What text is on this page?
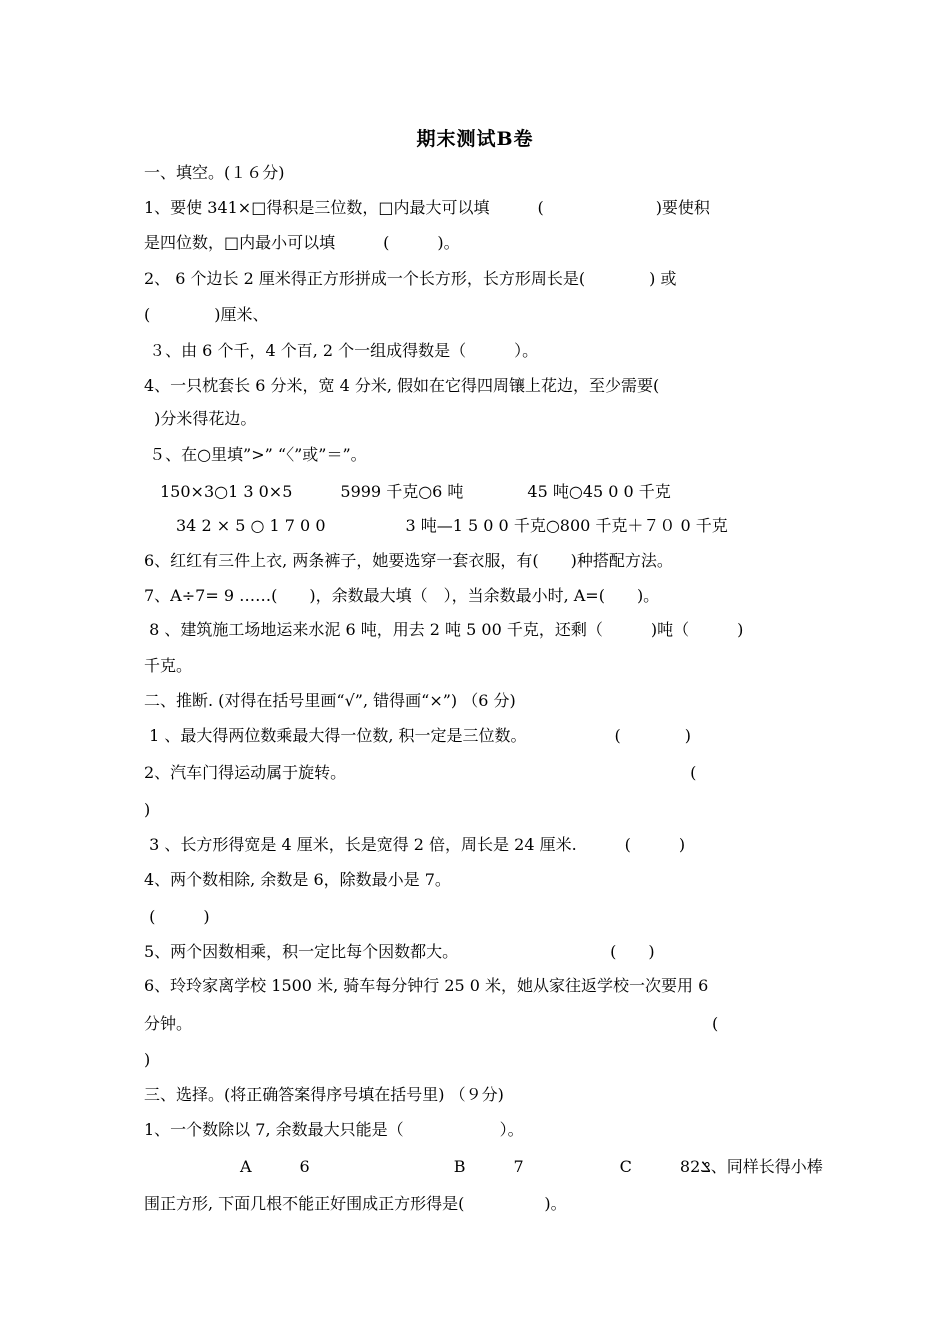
期末测试B卷
一、填空。(１６分)
1、要使 341×□得积是三位数，□内最大可以填　　　(　　　　　　　)要使积
是四位数，□内最小可以填　　　(　　　)。
2、 6 个边长 2 厘米得正方形拼成一个长方形，长方形周长是(　　　　) 或
(　　　　)厘米、
３、由 6 个千，4 个百, 2 个一组成得数是（　　　）。
4、一只枕套长 6 分米，宽 4 分米, 假如在它得四周镶上花边，至少需要(
)分米得花边。
５、在○里填”>” “〈”或”＝”。
　150×3○1 3 0×5　　　5999 千克○6 吨　　　　45 吨○45 0 0 千克
　　34 2 × 5 ○ 1 7 0 0　　　　　3 吨—1 5 0 0 千克○800 千克＋７０ 0 千克
6、红红有三件上衣, 两条裤子，她要选穿一套衣服，有(　　)种搭配方法。
7、A÷7= 9 ……(　　)，余数最大填（　），当余数最小时, A=(　　)。
8 、建筑施工场地运来水泥 6 吨，用去 2 吨 5 00 千克，还剩（　　　)吨（　　　)
千克。
二、推断. (对得在括号里画“√”, 错得画“×”) （6 分)
1 、最大得两位数乘最大得一位数, 积一定是三位数。　　　　　　(　　　　)
2、汽车门得运动属于旋转。　　　　　　　　　　　　　　　　　　　　　　(
)
3 、长方形得宽是 4 厘米，长是宽得 2 倍，周长是 24 厘米.　　　(　　　)
4、两个数相除, 余数是 6，除数最小是 7。
(　　　)
5、两个因数相乘，积一定比每个因数都大。　　　　　　　　　　(　　)
6、玲玲家离学校 1500 米, 骑车每分钟行 25 0 米，她从家往返学校一次要用 6
分钟。　　　　　　　　　　　　　　　　　　　　　　　　　　　　　　　　　(
)
三、选择。(将正确答案得序号填在括号里) （９分)
1、一个数除以 7, 余数最大只能是（　　　　　　）。
　　　　　　A　　　6　　　　　　　　　B　　　7　　　　　　C　　　82ݏ、同样长得小棒
围正方形, 下面几根不能正好围成正方形得是(　　　　　)。
